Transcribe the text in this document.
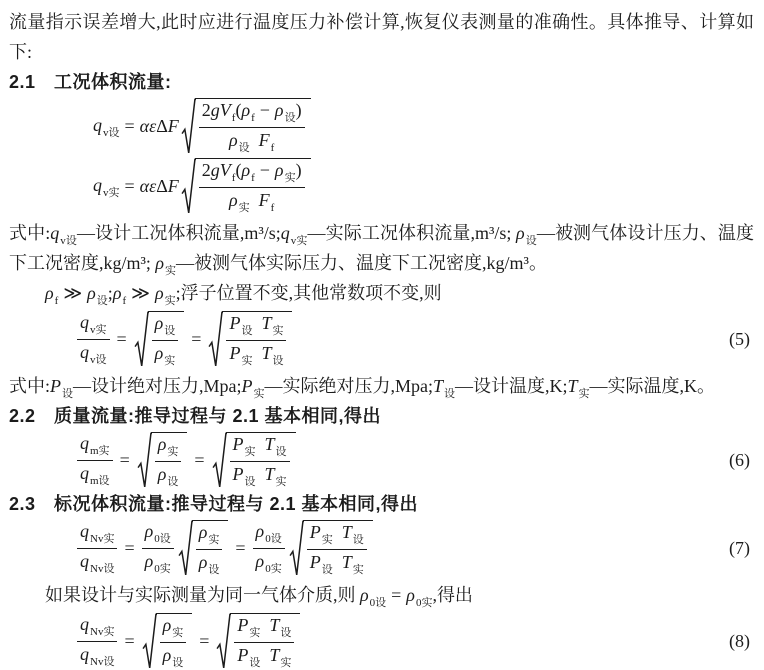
流量指示误差增大,此时应进行温度压力补偿计算,恢复仪表测量的准确性。具体推导、计算如下:

2.1　工况体积流量:
$q_{v设} = \alpha\varepsilon$ Δ F $\frac{2 g V_f ( \rho_f - \rho_设 )}{\rho_设 F_f}$
$q_{v实} = \alpha\varepsilon$ Δ F $\frac{2 g V_f ( \rho_f - \rho_实 )}{\rho_实 F_f}$

式中$:q_{v设}—$设计工况体积流量$,m^3/s;q_{v实}—$实际工况体积流量,m³/s; $\rho_设—$被测气体设计压力、温度下工况密度,kg/m³; $\rho_实—$被测气体实际压力、温度下工况密度,kg/m³。

$\rho_f$ ≫ $\rho_设;\rho_f$ ≫ $\rho_实$;浮子位置不变,其他常数项不变,则

$\frac{q_{v实}}{q_{v设}} = \frac{\rho_设}{\rho_实} = \frac{P_设 T_实}{P_实 T_设}$	(5)

式中$:P_设—$设计绝对压力$,Mpa;P_实—$实际绝对压力$,Mpa;T_设—$设计温度$,K;T_实—$实际温度,K。

2.2　质量流量:推导过程与 2.1 基本相同,得出
$\frac{q_{m实}}{q_{m设}} = \frac{\rho_实}{\rho_设} = \frac{P_实 T_设}{P_设 T_实}$	(6)
2.3　标况体积流量:推导过程与 2.1 基本相同,得出
$\frac{q_{Nv实}}{q_{Nv设}} = \frac{\rho_{0设}}{\rho_{0实}} \frac{\rho_实}{\rho_设} = \frac{\rho_{0设}}{\rho_{0实}} \frac{P_实 T_设}{P_设 T_实}$	(7)

如果设计与实际测量为同一气体介质,则 $\rho_{0设} = \rho_{0实}$,得出

$\frac{q_{Nv实}}{q_{Nv设}} = \frac{\rho_实}{\rho_设} = \frac{P_实 T_设}{P_设 T_实}$	(8)
